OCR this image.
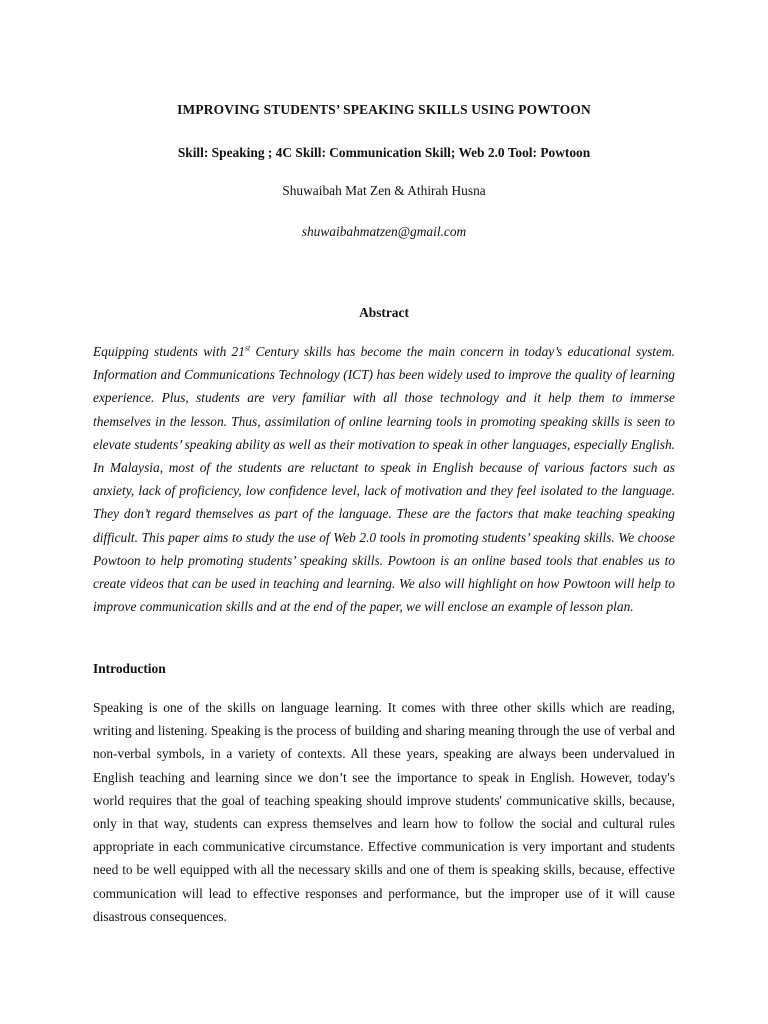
IMPROVING STUDENTS’ SPEAKING SKILLS USING POWTOON
Skill: Speaking ; 4C Skill: Communication Skill; Web 2.0 Tool: Powtoon
Shuwaibah Mat Zen & Athirah Husna
shuwaibahmatzen@gmail.com
Abstract

Equipping students with 21st Century skills has become the main concern in today’s educational system. Information and Communications Technology (ICT) has been widely used to improve the quality of learning experience. Plus, students are very familiar with all those technology and it help them to immerse themselves in the lesson. Thus, assimilation of online learning tools in promoting speaking skills is seen to elevate students’ speaking ability as well as their motivation to speak in other languages, especially English. In Malaysia, most of the students are reluctant to speak in English because of various factors such as anxiety, lack of proficiency, low confidence level, lack of motivation and they feel isolated to the language. They don’t regard themselves as part of the language. These are the factors that make teaching speaking difficult. This paper aims to study the use of Web 2.0 tools in promoting students’ speaking skills. We choose Powtoon to help promoting students’ speaking skills. Powtoon is an online based tools that enables us to create videos that can be used in teaching and learning. We also will highlight on how Powtoon will help to improve communication skills and at the end of the paper, we will enclose an example of lesson plan.

Introduction

Speaking is one of the skills on language learning. It comes with three other skills which are reading, writing and listening. Speaking is the process of building and sharing meaning through the use of verbal and non-verbal symbols, in a variety of contexts. All these years, speaking are always been undervalued in English teaching and learning since we don’t see the importance to speak in English. However, today's world requires that the goal of teaching speaking should improve students' communicative skills, because, only in that way, students can express themselves and learn how to follow the social and cultural rules appropriate in each communicative circumstance. Effective communication is very important and students need to be well equipped with all the necessary skills and one of them is speaking skills, because, effective communication will lead to effective responses and performance, but the improper use of it will cause disastrous consequences.
